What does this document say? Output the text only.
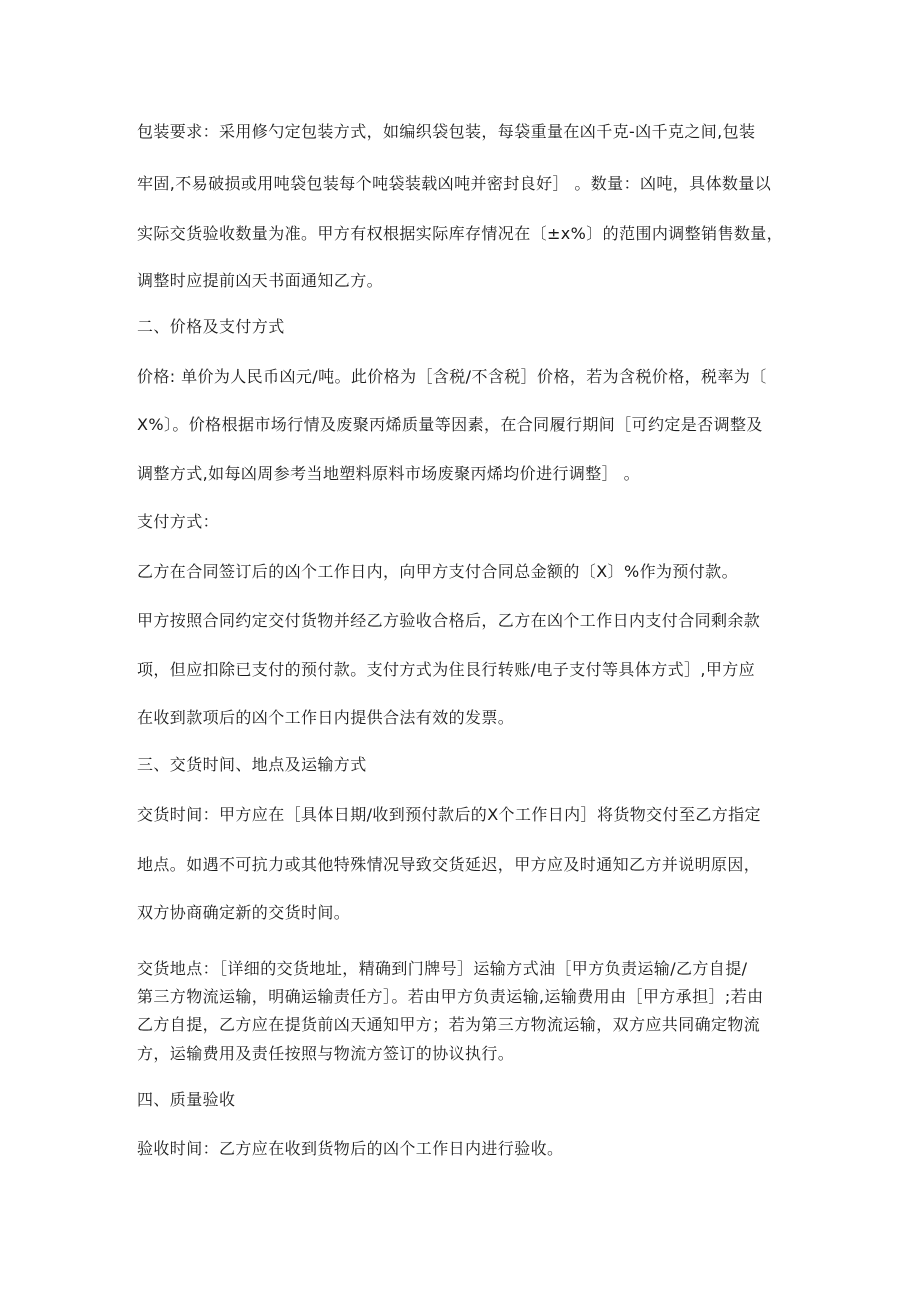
包装要求：采用修勺定包装方式，如编织袋包装，每袋重量在凶千克-凶千克之间,包装
牢固,不易破损或用吨袋包装每个吨袋装载凶吨并密封良好］ 。数量：凶吨，具体数量以
实际交货验收数量为准。甲方有权根据实际库存情况在〔±x%〕的范围内调整销售数量，
调整时应提前凶天书面通知乙方。
二、价格及支付方式
价格: 单价为人民币凶元/吨。此价格为［含税/不含税］价格，若为含税价格，税率为〔
X%〕。价格根据市场行情及废聚丙烯质量等因素，在合同履行期间［可约定是否调整及
调整方式,如每凶周参考当地塑料原料市场废聚丙烯均价进行调整］ 。
支付方式：
乙方在合同签订后的凶个工作日内，向甲方支付合同总金额的〔X〕%作为预付款。
甲方按照合同约定交付货物并经乙方验收合格后，乙方在凶个工作日内支付合同剩余款
项，但应扣除已支付的预付款。支付方式为住艮行转账/电子支付等具体方式］,甲方应
在收到款项后的凶个工作日内提供合法有效的发票。
三、交货时间、地点及运输方式
交货时间：甲方应在［具体日期/收到预付款后的X个工作日内］将货物交付至乙方指定
地点。如遇不可抗力或其他特殊情况导致交货延迟，甲方应及时通知乙方并说明原因，
双方协商确定新的交货时间。
交货地点：［详细的交货地址，精确到门牌号］运输方式油［甲方负责运输/乙方自提/
第三方物流运输，明确运输责任方］。若由甲方负责运输,运输费用由［甲方承担］;若由
乙方自提，乙方应在提货前凶天通知甲方；若为第三方物流运输，双方应共同确定物流
方，运输费用及责任按照与物流方签订的协议执行。
四、质量验收
验收时间：乙方应在收到货物后的凶个工作日内进行验收。
